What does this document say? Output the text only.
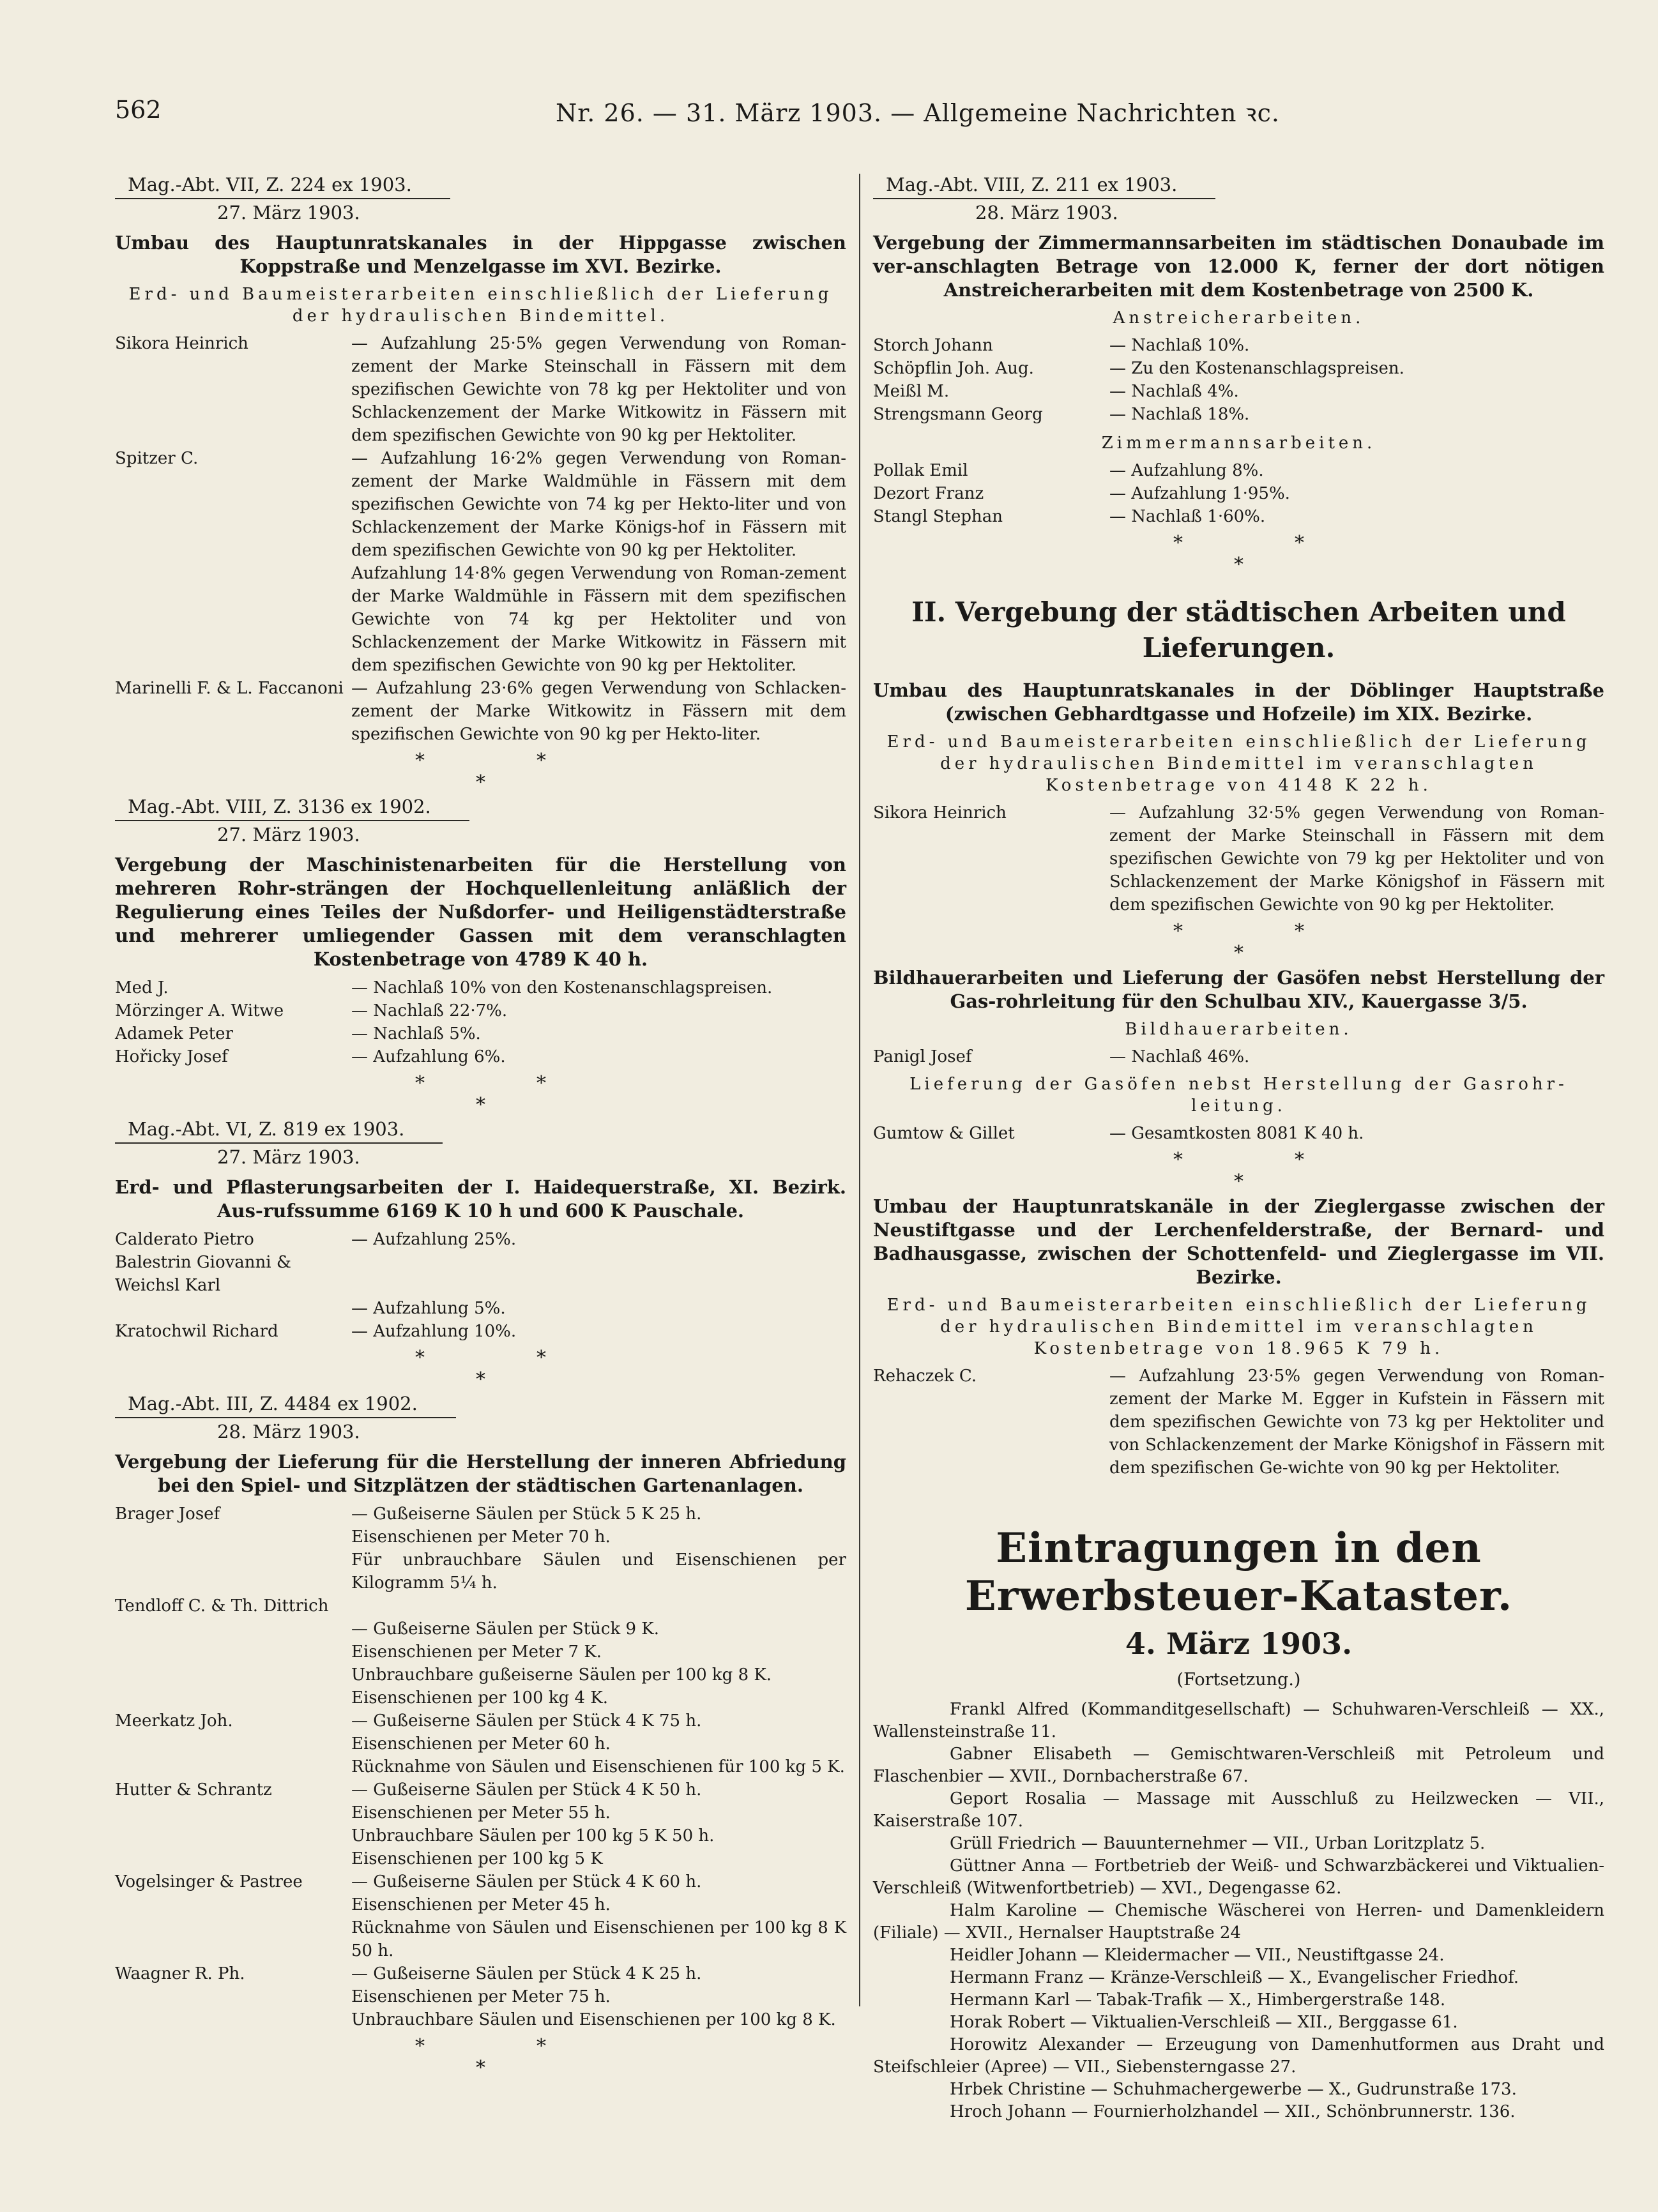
562	Nr. 26. — 31. März 1903. — Allgemeine Nachrichten ꝛc.
Mag.-Abt. VII, Z. 224 ex 1903.

27. März 1903.
Umbau des Hauptunratskanales in der Hippgasse zwischen Koppstraße und Menzelgasse im XVI. Bezirke.
Erd- und Baumeisterarbeiten einschließlich der Lieferung der hydraulischen Bindemittel.
Sikora Heinrich	— Aufzahlung 25·5% gegen Verwendung von Roman-zement der Marke Steinschall in Fässern mit dem spezifischen Gewichte von 78 kg per Hektoliter und von Schlackenzement der Marke Witkowitz in Fässern mit dem spezifischen Gewichte von 90 kg per Hektoliter.
Spitzer C.	— Aufzahlung 16·2% gegen Verwendung von Roman-zement der Marke Waldmühle in Fässern mit dem spezifischen Gewichte von 74 kg per Hekto-liter und von Schlackenzement der Marke Königs-hof in Fässern mit dem spezifischen Gewichte von 90 kg per Hektoliter.
Aufzahlung 14·8% gegen Verwendung von Roman-zement der Marke Waldmühle in Fässern mit dem spezifischen Gewichte von 74 kg per Hektoliter und von Schlackenzement der Marke Witkowitz in Fässern mit dem spezifischen Gewichte von 90 kg per Hektoliter.
Marinelli F. & L. Faccanoni — Aufzahlung 23·6% gegen Verwendung von Schlacken-zement der Marke Witkowitz in Fässern mit dem spezifischen Gewichte von 90 kg per Hekto-liter.
*	*
*
Mag.-Abt. VIII, Z. 3136 ex 1902.

27. März 1903.
Vergebung der Maschinistenarbeiten für die Herstellung von mehreren Rohr-strängen der Hochquellenleitung anläßlich der Regulierung eines Teiles der Nußdorfer- und Heiligenstädterstraße und mehrerer umliegender Gassen mit dem veranschlagten Kostenbetrage von 4789 K 40 h.
Med J.	— Nachlaß 10% von den Kostenanschlagspreisen.
Mörzinger A. Witwe	— Nachlaß 22·7%.
Adamek Peter	— Nachlaß 5%.
Hořicky Josef	— Aufzahlung 6%.
*	*
*
Mag.-Abt. VI, Z. 819 ex 1903.

27. März 1903.
Erd- und Pflasterungsarbeiten der I. Haidequerstraße, XI. Bezirk. Aus-rufssumme 6169 K 10 h und 600 K Pauschale.
Calderato Pietro	— Aufzahlung 25%.
Balestrin Giovanni & Weichsl Karl
— Aufzahlung 5%.
Kratochwil Richard	— Aufzahlung 10%.
*	*
*
Mag.-Abt. III, Z. 4484 ex 1902.

28. März 1903.
Vergebung der Lieferung für die Herstellung der inneren Abfriedung bei den Spiel- und Sitzplätzen der städtischen Gartenanlagen.
Brager Josef	— Gußeiserne Säulen per Stück 5 K 25 h.
Eisenschienen per Meter 70 h.
Für unbrauchbare Säulen und Eisenschienen per Kilogramm 5¼ h.
Tendloff C. & Th. Dittrich
— Gußeiserne Säulen per Stück 9 K.
Eisenschienen per Meter 7 K.
Unbrauchbare gußeiserne Säulen per 100 kg 8 K.
Eisenschienen per 100 kg 4 K.
Meerkatz Joh.	— Gußeiserne Säulen per Stück 4 K 75 h.
Eisenschienen per Meter 60 h.
Rücknahme von Säulen und Eisenschienen für 100 kg 5 K.
Hutter & Schrantz	— Gußeiserne Säulen per Stück 4 K 50 h.
Eisenschienen per Meter 55 h.
Unbrauchbare Säulen per 100 kg 5 K 50 h.
Eisenschienen per 100 kg 5 K
Vogelsinger & Pastree	— Gußeiserne Säulen per Stück 4 K 60 h.
Eisenschienen per Meter 45 h.
Rücknahme von Säulen und Eisenschienen per 100 kg 8 K 50 h.
Waagner R. Ph.	— Gußeiserne Säulen per Stück 4 K 25 h.
Eisenschienen per Meter 75 h.
Unbrauchbare Säulen und Eisenschienen per 100 kg 8 K.
*	*
*
Mag.-Abt. VIII, Z. 211 ex 1903.
28. März 1903.
Vergebung der Zimmermannsarbeiten im städtischen Donaubade im ver-anschlagten Betrage von 12.000 K, ferner der dort nötigen Anstreicherarbeiten mit dem Kostenbetrage von 2500 K.
Anstreicherarbeiten.
Storch Johann	— Nachlaß 10%.
Schöpflin Joh. Aug.	— Zu den Kostenanschlagspreisen.
Meißl M.	— Nachlaß 4%.
Strengsmann Georg	— Nachlaß 18%.
Zimmermannsarbeiten.
Pollak Emil	— Aufzahlung 8%.
Dezort Franz	— Aufzahlung 1·95%.
Stangl Stephan	— Nachlaß 1·60%.
*	*
*
II. Vergebung der städtischen Arbeiten und Lieferungen.
Umbau des Hauptunratskanales in der Döblinger Hauptstraße (zwischen Gebhardtgasse und Hofzeile) im XIX. Bezirke.
Erd- und Baumeisterarbeiten einschließlich der Lieferung der hydraulischen Bindemittel im veranschlagten Kostenbetrage von 4148 K 22 h.
Sikora Heinrich	— Aufzahlung 32·5% gegen Verwendung von Roman-zement der Marke Steinschall in Fässern mit dem spezifischen Gewichte von 79 kg per Hektoliter und von Schlackenzement der Marke Königshof in Fässern mit dem spezifischen Gewichte von 90 kg per Hektoliter.
*	*
*
Bildhauerarbeiten und Lieferung der Gasöfen nebst Herstellung der Gas-rohrleitung für den Schulbau XIV., Kauergasse 3/5.
Bildhauerarbeiten.
Panigl Josef	— Nachlaß 46%.
Lieferung der Gasöfen nebst Herstellung der Gasrohr-leitung.
Gumtow & Gillet	— Gesamtkosten 8081 K 40 h.
*	*
*
Umbau der Hauptunratskanäle in der Zieglergasse zwischen der Neustiftgasse und der Lerchenfelderstraße, der Bernard- und Badhausgasse, zwischen der Schottenfeld- und Zieglergasse im VII. Bezirke.
Erd- und Baumeisterarbeiten einschließlich der Lieferung der hydraulischen Bindemittel im veranschlagten Kostenbetrage von 18.965 K 79 h.
Rehaczek C.	— Aufzahlung 23·5% gegen Verwendung von Roman-zement der Marke M. Egger in Kufstein in Fässern mit dem spezifischen Gewichte von 73 kg per Hektoliter und von Schlackenzement der Marke Königshof in Fässern mit dem spezifischen Ge-wichte von 90 kg per Hektoliter.
Eintragungen in den Erwerbsteuer-Kataster.
4. März 1903.
(Fortsetzung.)
Frankl Alfred (Kommanditgesellschaft) — Schuhwaren-Verschleiß — XX., Wallensteinstraße 11.
Gabner Elisabeth — Gemischtwaren-Verschleiß mit Petroleum und Flaschenbier — XVII., Dornbacherstraße 67.
Geport Rosalia — Massage mit Ausschluß zu Heilzwecken — VII., Kaiserstraße 107.
Grüll Friedrich — Bauunternehmer — VII., Urban Loritzplatz 5.
Güttner Anna — Fortbetrieb der Weiß- und Schwarzbäckerei und Viktualien-Verschleiß (Witwenfortbetrieb) — XVI., Degengasse 62.
Halm Karoline — Chemische Wäscherei von Herren- und Damenkleidern (Filiale) — XVII., Hernalser Hauptstraße 24
Heidler Johann — Kleidermacher — VII., Neustiftgasse 24.
Hermann Franz — Kränze-Verschleiß — X., Evangelischer Friedhof.
Hermann Karl — Tabak-Trafik — X., Himbergerstraße 148.
Horak Robert — Viktualien-Verschleiß — XII., Berggasse 61.
Horowitz Alexander — Erzeugung von Damenhutformen aus Draht und Steifschleier (Apree) — VII., Siebensterngasse 27.
Hrbek Christine — Schuhmachergewerbe — X., Gudrunstraße 173.
Hroch Johann — Fournierholzhandel — XII., Schönbrunnerstr. 136.
